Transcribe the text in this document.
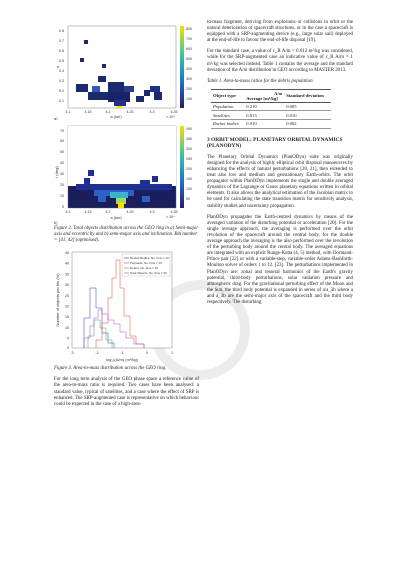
0.8
0.7
0.6
0.5
0.4
0.3
0.2
0.1
e
800
700
600
500
400
300
200
100
4.1	4.15	4.2	4.25	4.3	4.35
× 10⁴
a (km)
a)
70
60
50
40
30
20
10
0
i (deg)
400
350
300
250
200
150
100
50
4.1	4.15	4.2	4.25	4.3	4.35
× 10⁴
a (km)
b)

Figure 2. Total objects distribution across the GEO ring in a) Semi-major axis and eccentricity and b) semi-major axis and inclination. Bin number = [41, 42] (optimised).

45
40
35
30
25
20
15
10
5
0
Number of objects per bin (%)
Rocket Bodies. No. bins = 10
Payloads. No. bins = 15
Debris. No. bins = 10
Total Objects. No. bins = 30
-3	-2	-1	0	1
log₁₀(A/m) (m²/kg)

Figure 3. Area-to-mass distribution across the GEO ring.

For the long term analysis of the GEO phase space a reference value of the area-to-mass ratio is required. Two cases have been analysed: a standard value, typical of satellites, and a case where the effect of SRP is enhanced. The SRP-augmented case is representative on which behaviour could be expected in the case of a high-area-

to-mass fragment, deriving from explosions or collisions in orbit or the natural deterioration of spacecraft structures, or in the case a spacecraft is equipped with a SRP-augmenting device (e.g., large solar sail) deployed at the end-of-life to favour the end-of-life disposal [19].

For the standard case, a value of c_R A/m = 0.012 m²/kg was considered, while for the SRP-augmented case an indicative value of c_R A/m = 1 m²/kg was selected instead. Table 1 contains the average and the standard deviation of the A/m distribution in GEO according to MASTER 2013.

Table 1. Area-to-mass ratios for the debris population.

Object type	A/m
Average [m²/kg]	Standard deviation
Population	0.210	0.005
Satellites	0.013	0.010
Rocket bodies	0.010	0.002

3 ORBIT MODEL: PLANETARY ORBITAL DYNAMICS (PLANODYN)

The Planetary Orbital Dynamics (PlanODyn) suite was originally designed for the analysis of highly elliptical orbit disposal manoeuvres by enhancing the effects of natural perturbations [20, 21], then extended to treat also low and medium and geostationary Earth-orbits. The orbit propagator within PlanODyn implements the single and double averaged dynamics of the Lagrange or Gauss planetary equations written in orbital elements. It also allows the analytical estimation of the Jacobian matrix to be used for calculating the state transition matrix for sensitivity analysis, stability studies and uncertainty propagation.

PlanODyn propagates the Earth-centred dynamics by means of the averaged variation of the disturbing potential or acceleration [20]. For the single average approach, the averaging is performed over the orbit revolution of the spacecraft around the central body, for the double average approach the averaging is the also performed over the revolution of the perturbing body around the central body. The averaged equations are integrated with an explicit Runge-Kutta (4, 5) method, with Dormand-Prince pair [22] or with a variable-step, variable-order Adams-Bashforth-Moulton solver of orders 1 to 12. [23]. The perturbations implemented in PlanODyn are: zonal and tesseral harmonics of the Earth's gravity potential, third-body perturbations, solar radiation pressure and atmospheric drag. For the gravitational perturbing effect of the Moon and the Sun, the third body potential is expanded in series of a/a_3b where a and a_3b are the semi-major axis of the spacecraft and the third body respectively. The disturbing
